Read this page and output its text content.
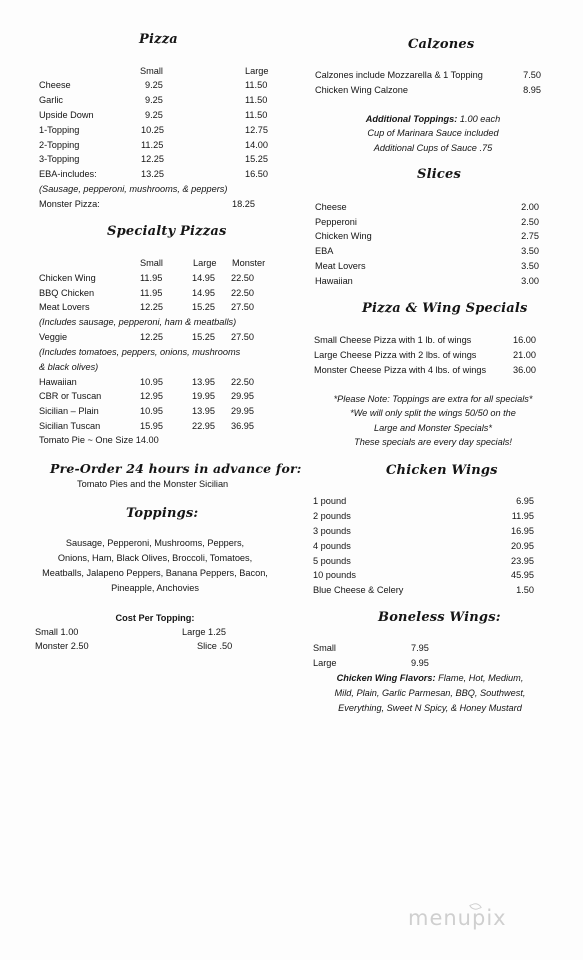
Pizza
Small	Large
Cheese	9.25	11.50
Garlic	9.25	11.50
Upside Down	9.25	11.50
1-Topping	10.25	12.75
2-Topping	11.25	14.00
3-Topping	12.25	15.25
EBA-includes:	13.25	16.50
(Sausage, pepperoni, mushrooms, & peppers)
Monster Pizza:	18.25
Specialty Pizzas
Small	Large Monster
Chicken Wing	11.95	14.95 22.50
BBQ Chicken	11.95	14.95 22.50
Meat Lovers	12.25	15.25 27.50
(Includes sausage, pepperoni, ham & meatballs)
Veggie	12.25	15.25 27.50
(Includes tomatoes, peppers, onions, mushrooms
& black olives)
Hawaiian	10.95	13.95 22.50
CBR or Tuscan	12.95	19.95 29.95
Sicilian – Plain	10.95	13.95 29.95
Sicilian Tuscan	15.95	22.95 36.95
Tomato Pie ~ One Size 14.00
Pre-Order 24 hours in advance for:
Tomato Pies and the Monster Sicilian
Toppings:
Sausage, Pepperoni, Mushrooms, Peppers,
Onions, Ham, Black Olives, Broccoli, Tomatoes,
Meatballs, Jalapeno Peppers, Banana Peppers, Bacon,
Pineapple, Anchovies
Cost Per Topping:
Small 1.00	Large 1.25
Monster 2.50	Slice .50
Calzones
Calzones include Mozzarella & 1 Topping	7.50
Chicken Wing Calzone	8.95
Additional Toppings: 1.00 each
Cup of Marinara Sauce included
Additional Cups of Sauce .75
Slices
Cheese	2.00
Pepperoni	2.50
Chicken Wing	2.75
EBA	3.50
Meat Lovers	3.50
Hawaiian	3.00
Pizza & Wing Specials
Small Cheese Pizza with 1 lb. of wings	16.00
Large Cheese Pizza with 2 lbs. of wings	21.00
Monster Cheese Pizza with 4 lbs. of wings	36.00
*Please Note: Toppings are extra for all specials*
*We will only split the wings 50/50 on the
Large and Monster Specials*
These specials are every day specials!
Chicken Wings
1 pound	6.95
2 pounds	11.95
3 pounds	16.95
4 pounds	20.95
5 pounds	23.95
10 pounds	45.95
Blue Cheese & Celery	1.50
Boneless Wings:
Small	7.95
Large	9.95
Chicken Wing Flavors: Flame, Hot, Medium,
Mild, Plain, Garlic Parmesan, BBQ, Southwest,
Everything, Sweet N Spicy, & Honey Mustard
menupix
